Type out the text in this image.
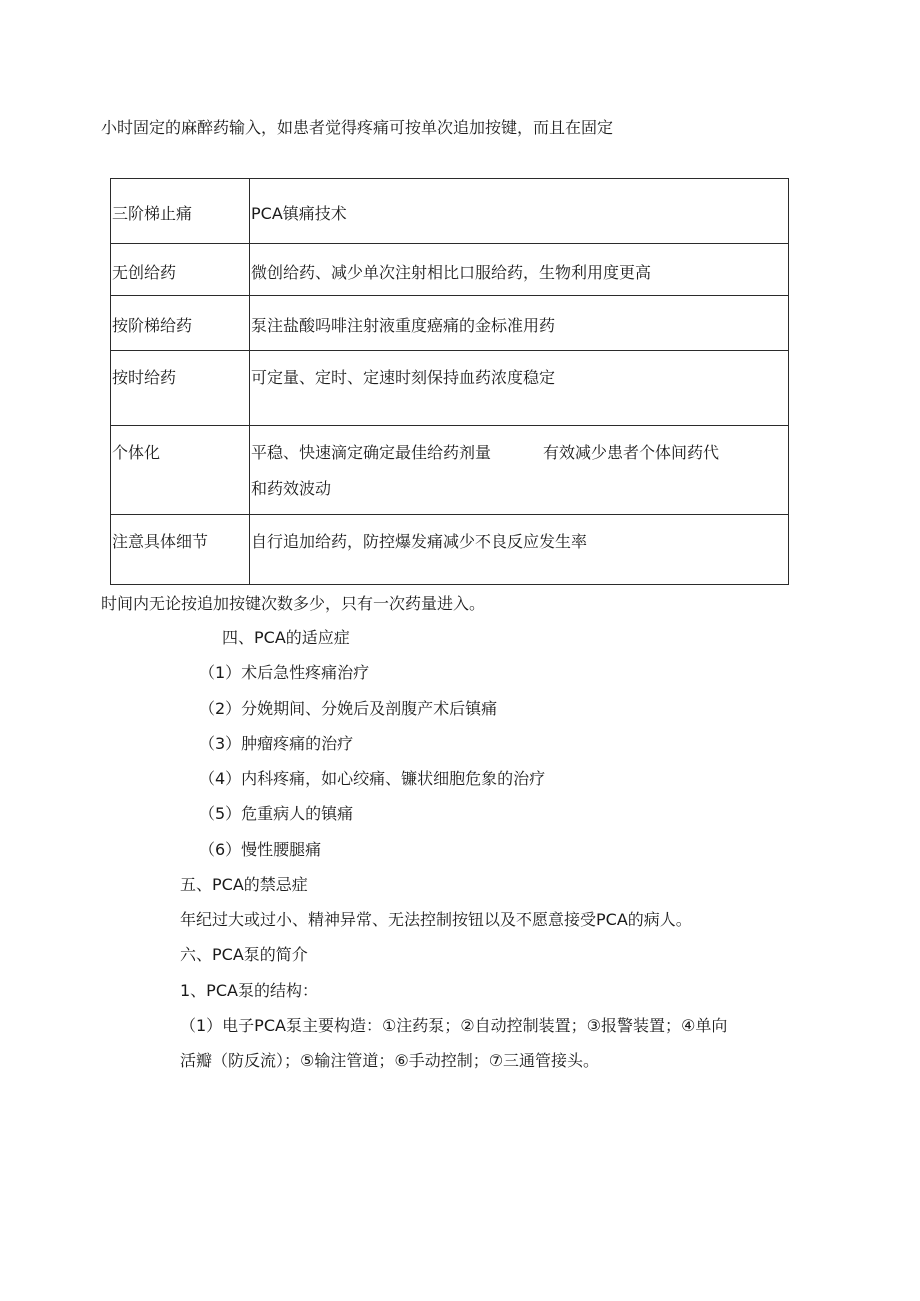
小时固定的麻醉药输入，如患者觉得疼痛可按单次追加按键，而且在固定
三阶梯止痛	PCA镇痛技术

无创给药	微创给药、减少单次注射相比口服给药，生物利用度更高

按阶梯给药	泵注盐酸吗啡注射液重度癌痛的金标准用药

按时给药	可定量、定时、定速时刻保持血药浓度稳定

个体化	平稳、快速滴定确定最佳给药剂量 有效减少患者个体间药代
和药效波动

注意具体细节	自行追加给药，防控爆发痛减少不良反应发生率
时间内无论按追加按键次数多少，只有一次药量进入。
四、PCA的适应症
（1）术后急性疼痛治疗
（2）分娩期间、分娩后及剖腹产术后镇痛
（3）肿瘤疼痛的治疗
（4）内科疼痛，如心绞痛、镰状细胞危象的治疗
（5）危重病人的镇痛
（6）慢性腰腿痛
五、PCA的禁忌症
年纪过大或过小、精神异常、无法控制按钮以及不愿意接受PCA的病人。
六、PCA泵的简介
1、PCA泵的结构：
（1）电子PCA泵主要构造：①注药泵；②自动控制装置；③报警装置；④单向
活瓣（防反流）；⑤输注管道；⑥手动控制；⑦三通管接头。
